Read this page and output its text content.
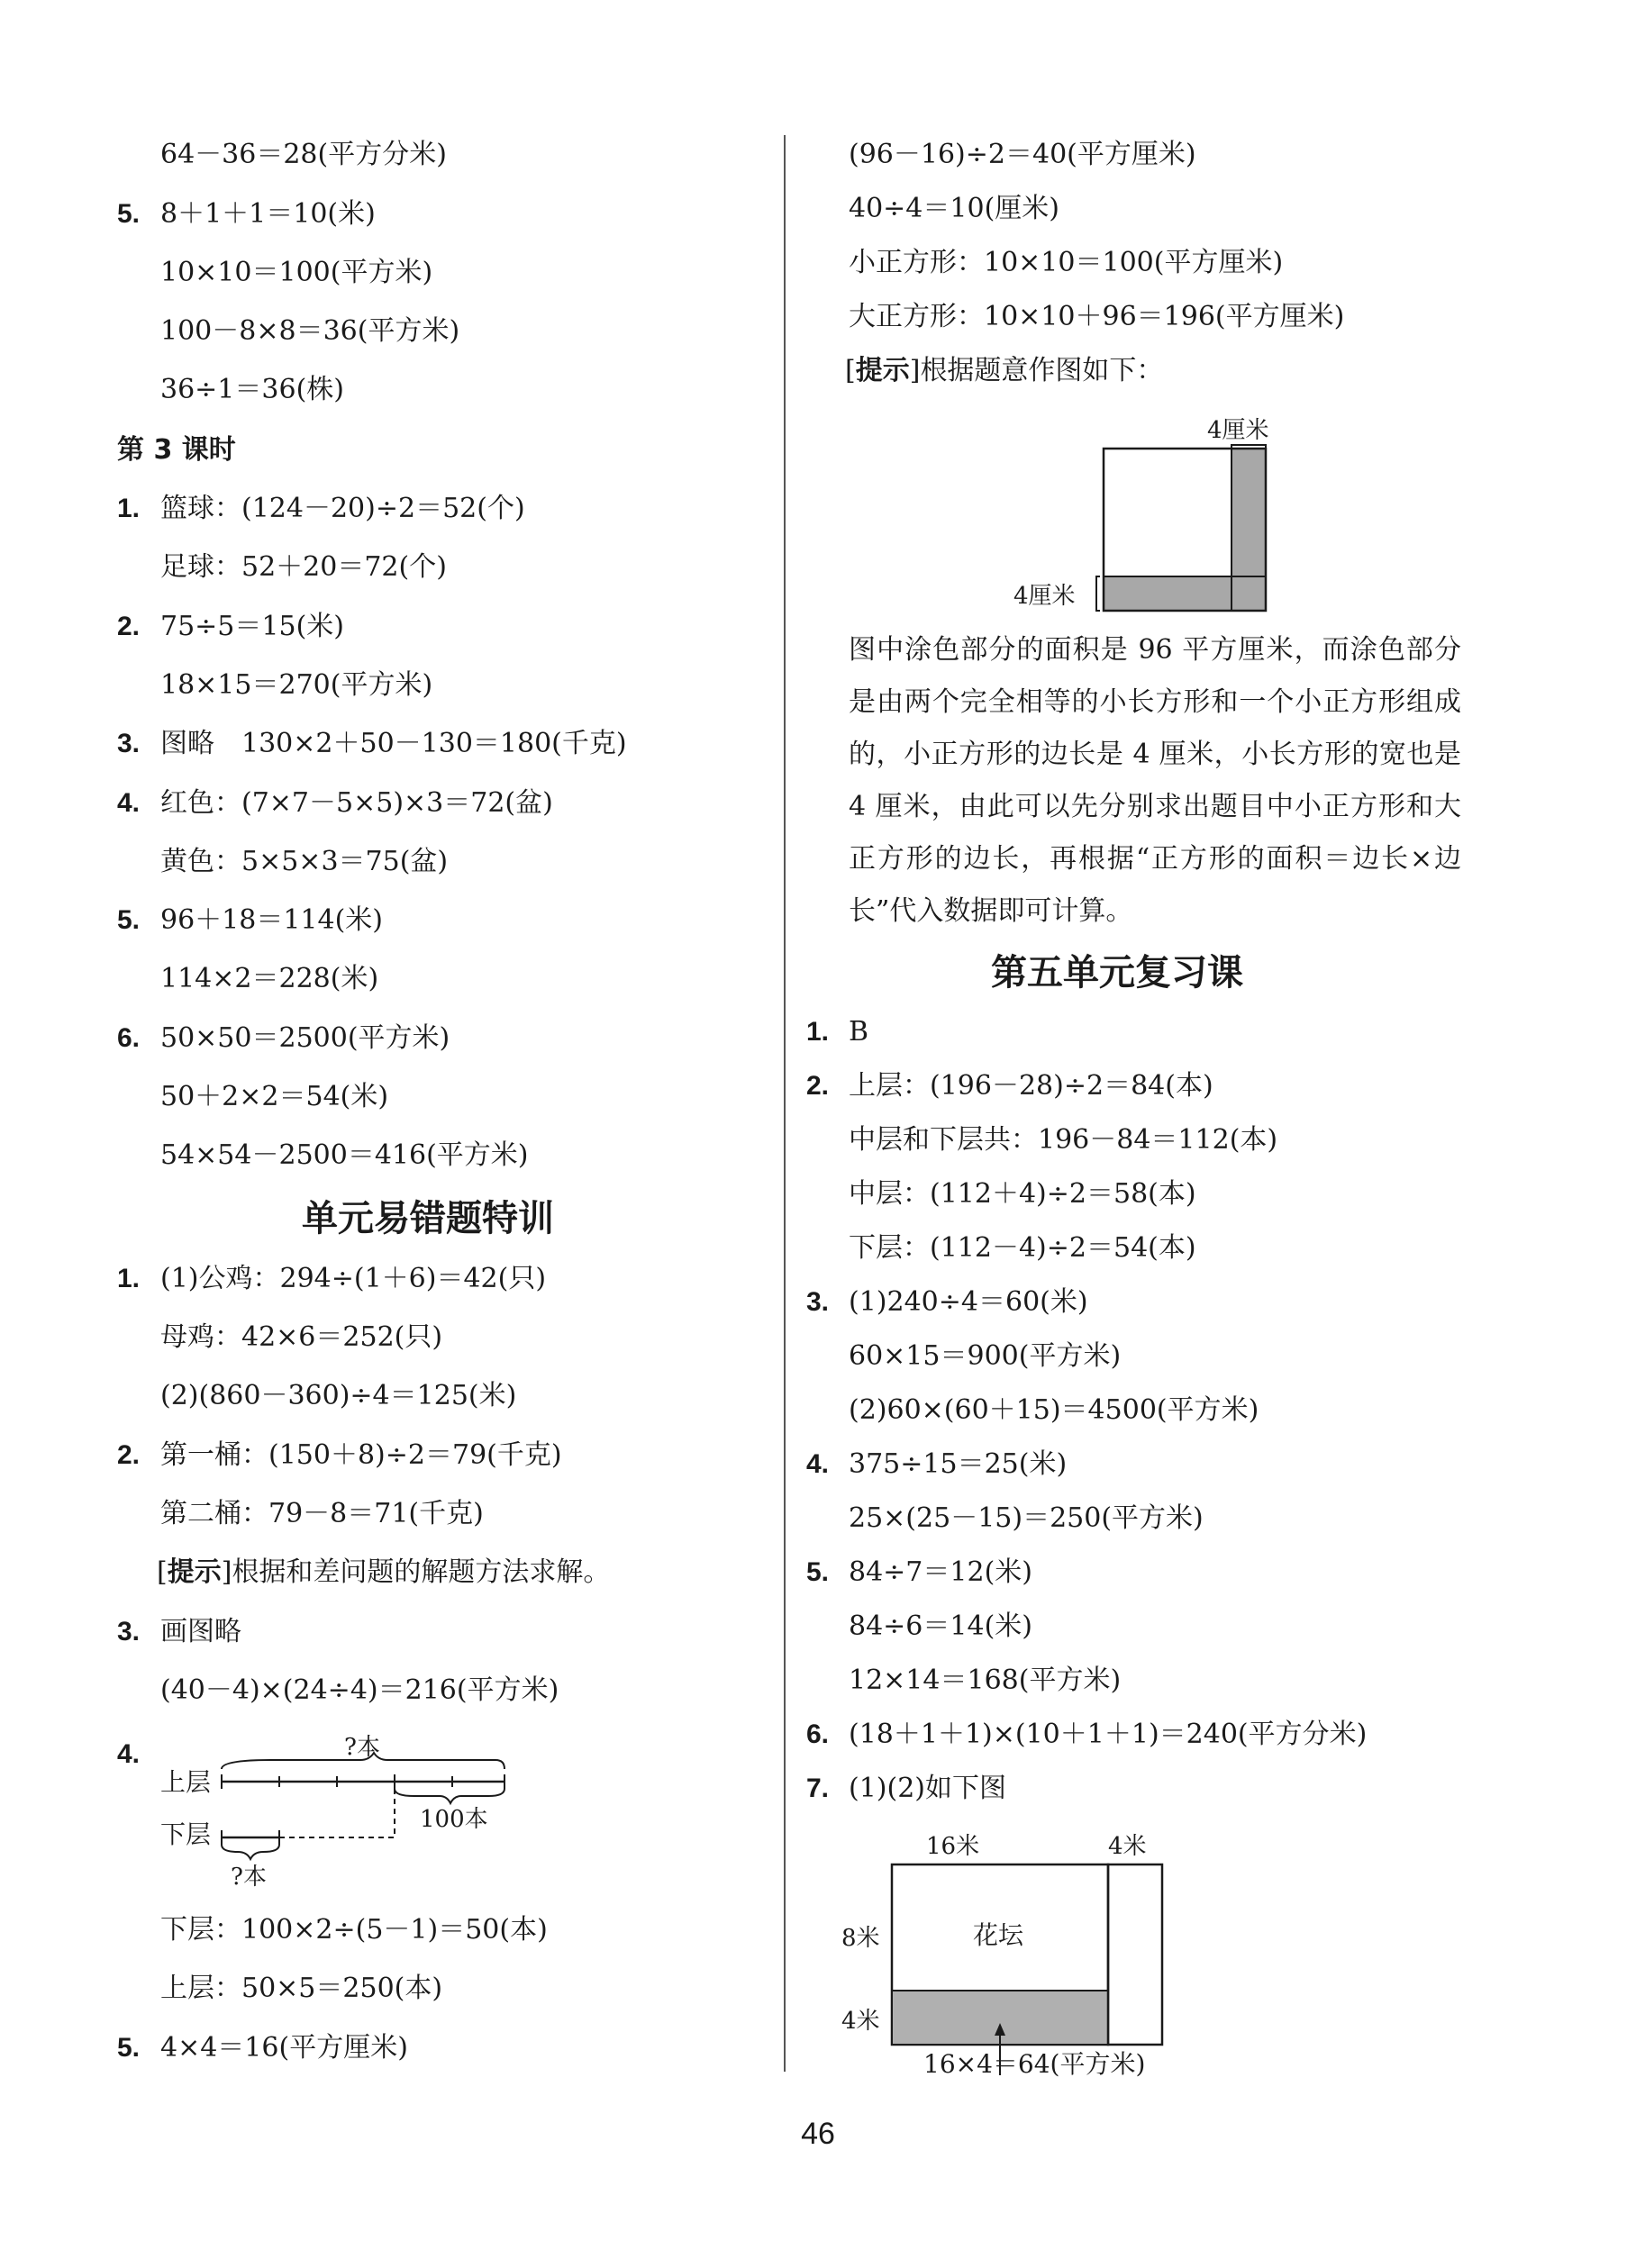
64－36＝28(平方分米)
5. 8＋1＋1＝10(米)
10×10＝100(平方米)
100－8×8＝36(平方米)
36÷1＝36(株)
第 3 课时
1. 篮球：(124－20)÷2＝52(个)
足球：52＋20＝72(个)
2. 75÷5＝15(米)
18×15＝270(平方米)
3. 图略　130×2＋50－130＝180(千克)
4. 红色：(7×7－5×5)×3＝72(盆)
黄色：5×5×3＝75(盆)
5. 96＋18＝114(米)
114×2＝228(米)
6. 50×50＝2500(平方米)
50＋2×2＝54(米)
54×54－2500＝416(平方米)
单元易错题特训
1. (1)公鸡：294÷(1＋6)＝42(只)
母鸡：42×6＝252(只)
(2)(860－360)÷4＝125(米)
2. 第一桶：(150＋8)÷2＝79(千克)
第二桶：79－8＝71(千克)
[提示]根据和差问题的解题方法求解。
3. 画图略
(40－4)×(24÷4)＝216(平方米)
4.
上层
下层
?本
100本
?本
下层：100×2÷(5－1)＝50(本)
上层：50×5＝250(本)
5. 4×4＝16(平方厘米)
(96－16)÷2＝40(平方厘米)
40÷4＝10(厘米)
小正方形：10×10＝100(平方厘米)
大正方形：10×10＋96＝196(平方厘米)
[提示]根据题意作图如下：
4厘米
4厘米
图中涂色部分的面积是 96 平方厘米，而涂色部分是由两个完全相等的小长方形和一个小正方形组成的，小正方形的边长是 4 厘米，小长方形的宽也是 4 厘米，由此可以先分别求出题目中小正方形和大正方形的边长，再根据“正方形的面积＝边长×边长”代入数据即可计算。
第五单元复习课
1. B
2. 上层：(196－28)÷2＝84(本)
中层和下层共：196－84＝112(本)
中层：(112＋4)÷2＝58(本)
下层：(112－4)÷2＝54(本)
3. (1)240÷4＝60(米)
60×15＝900(平方米)
(2)60×(60＋15)＝4500(平方米)
4. 375÷15＝25(米)
25×(25－15)＝250(平方米)
5. 84÷7＝12(米)
84÷6＝14(米)
12×14＝168(平方米)
6. (18＋1＋1)×(10＋1＋1)＝240(平方分米)
7. (1)(2)如下图
16米	4米
8米
4米
花坛
16×4＝64(平方米)
46
